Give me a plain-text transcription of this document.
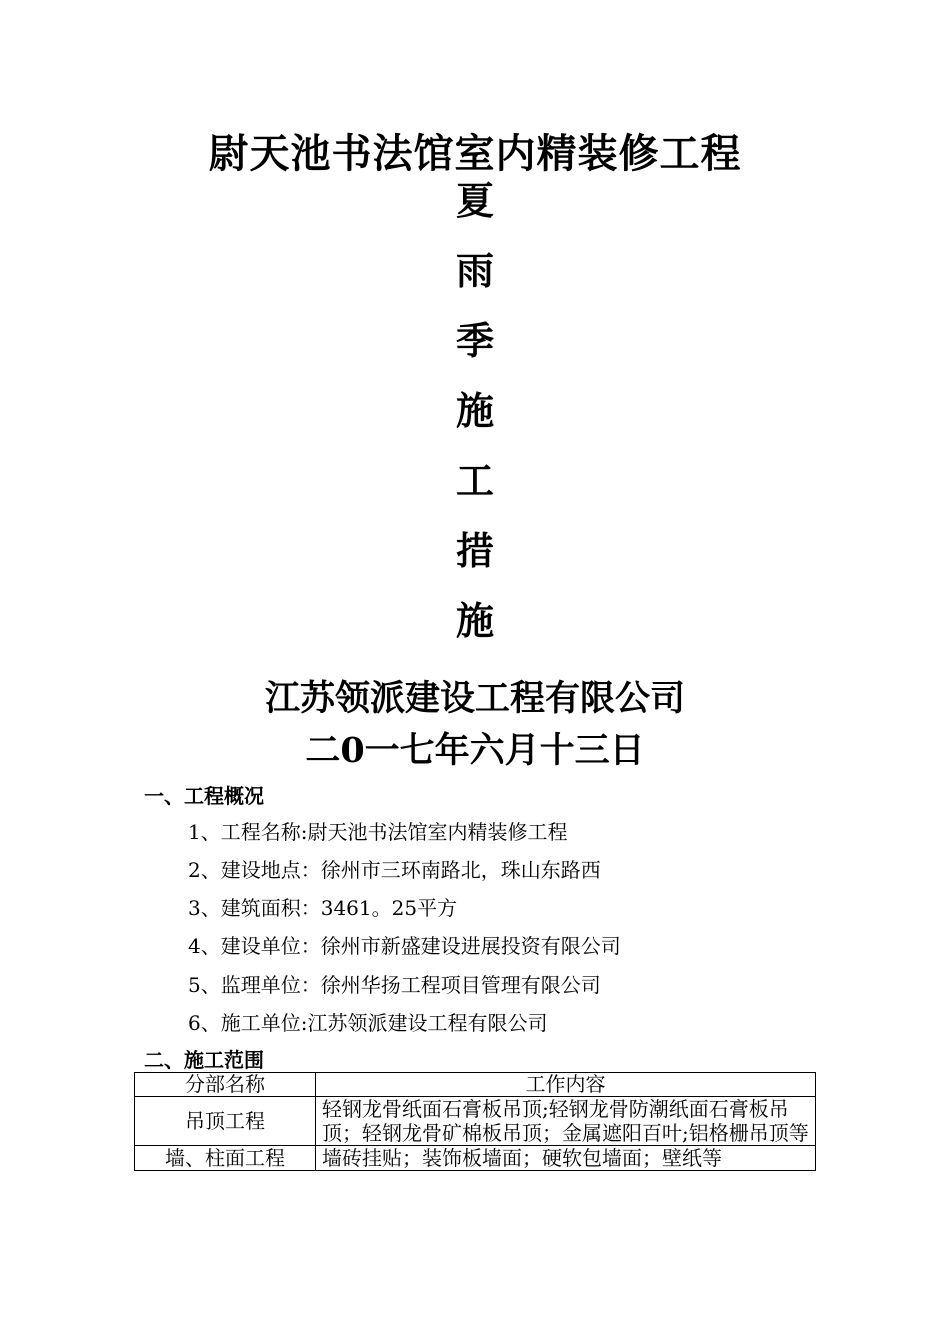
尉天池书法馆室内精装修工程
夏
雨
季
施
工
措
施
江苏领派建设工程有限公司
二0一七年六月十三日
一、工程概况
1、工程名称:尉天池书法馆室内精装修工程
2、建设地点：徐州市三环南路北，珠山东路西
3、建筑面积：3461。25平方
4、建设单位：徐州市新盛建设进展投资有限公司
5、监理单位：徐州华扬工程项目管理有限公司
6、施工单位:江苏领派建设工程有限公司
二、施工范围
分部名称	工作内容
吊顶工程	轻钢龙骨纸面石膏板吊顶;轻钢龙骨防潮纸面石膏板吊顶；轻钢龙骨矿棉板吊顶；金属遮阳百叶;铝格栅吊顶等
墙、柱面工程	墙砖挂贴；装饰板墙面；硬软包墙面；壁纸等
